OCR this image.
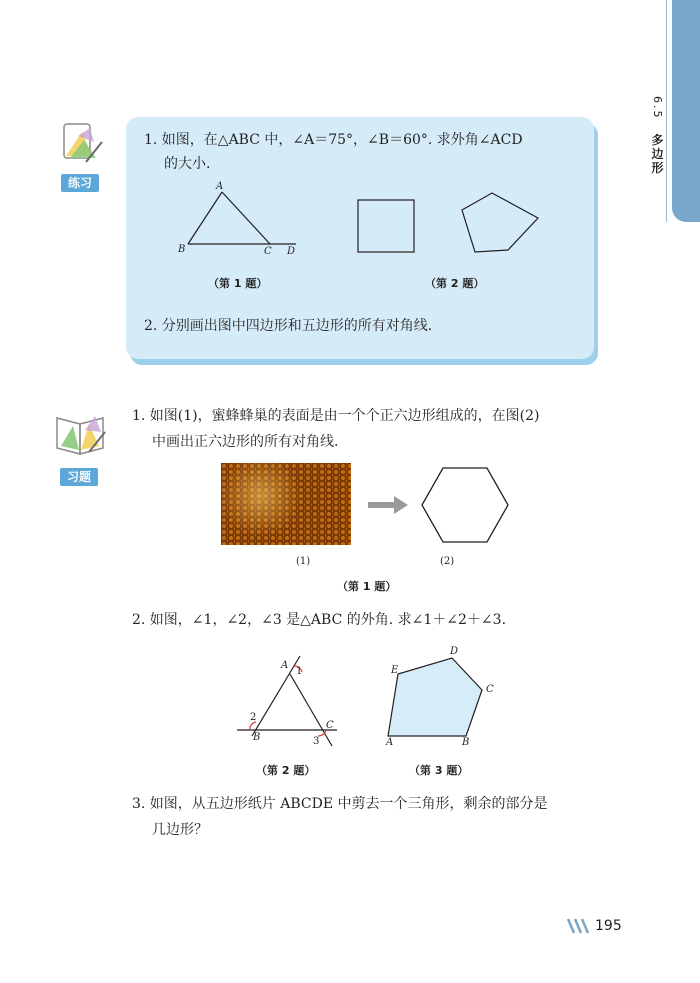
6.5 多边形
练习
1. 如图，在△ABC 中，∠A＝75°，∠B＝60°. 求外角∠ACD
的大小.
A
B	C D
（第 1 题）	（第 2 题）
2. 分别画出图中四边形和五边形的所有对角线.
习题
1. 如图(1)，蜜蜂蜂巢的表面是由一个个正六边形组成的，在图(2)
中画出正六边形的所有对角线.
(1)	(2)
（第 1 题）
2. 如图，∠1，∠2，∠3 是△ABC 的外角. 求∠1＋∠2＋∠3.
A
1
2
B
C
3
（第 2 题）
A	B
C
D
E
（第 3 题）
3. 如图，从五边形纸片 ABCDE 中剪去一个三角形，剩余的部分是
几边形？
195
